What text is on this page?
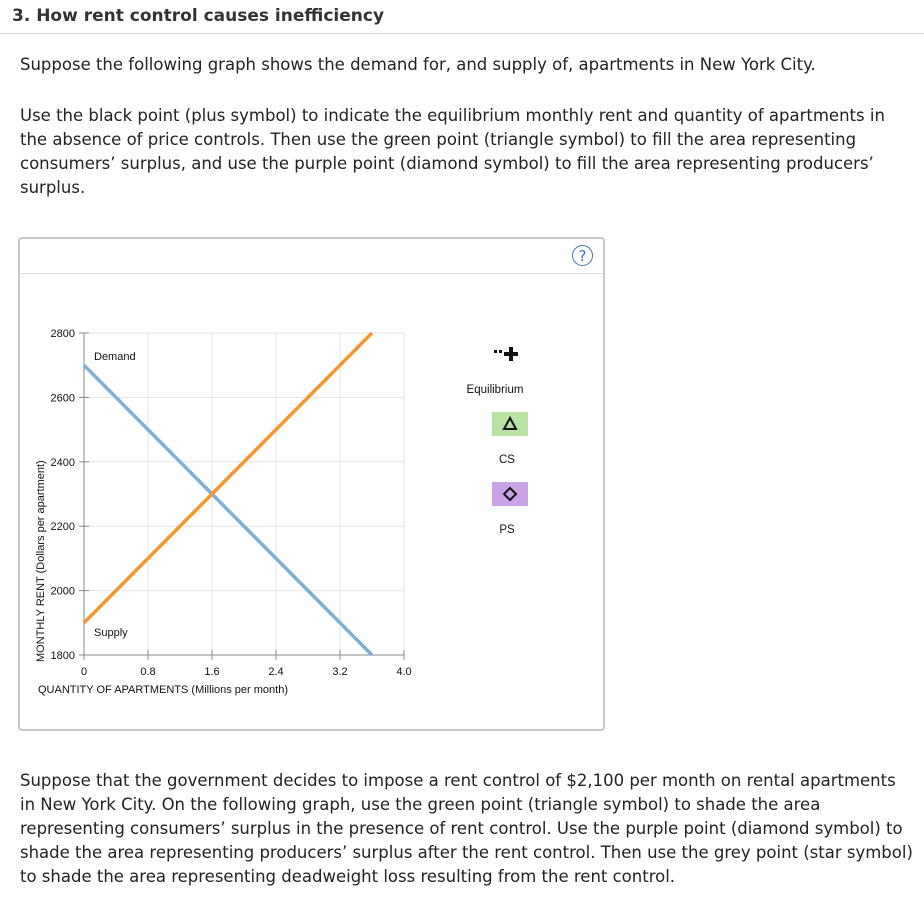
3. How rent control causes inefficiency
Suppose the following graph shows the demand for, and supply of, apartments in New York City.
Use the black point (plus symbol) to indicate the equilibrium monthly rent and quantity of apartments in the absence of price controls. Then use the green point (triangle symbol) to fill the area representing consumers’ surplus, and use the purple point (diamond symbol) to fill the area representing producers’ surplus.
?
1800
2000
2200
2400
2600
2800
0	0.8	1.6	2.4	3.2	4.0
Demand
Supply
QUANTITY OF APARTMENTS (Millions per month)
MONTHLY RENT (Dollars per apartment)
Equilibrium
CS
PS
Suppose that the government decides to impose a rent control of $2,100 per month on rental apartments in New York City. On the following graph, use the green point (triangle symbol) to shade the area representing consumers’ surplus in the presence of rent control. Use the purple point (diamond symbol) to shade the area representing producers’ surplus after the rent control. Then use the grey point (star symbol) to shade the area representing deadweight loss resulting from the rent control.
